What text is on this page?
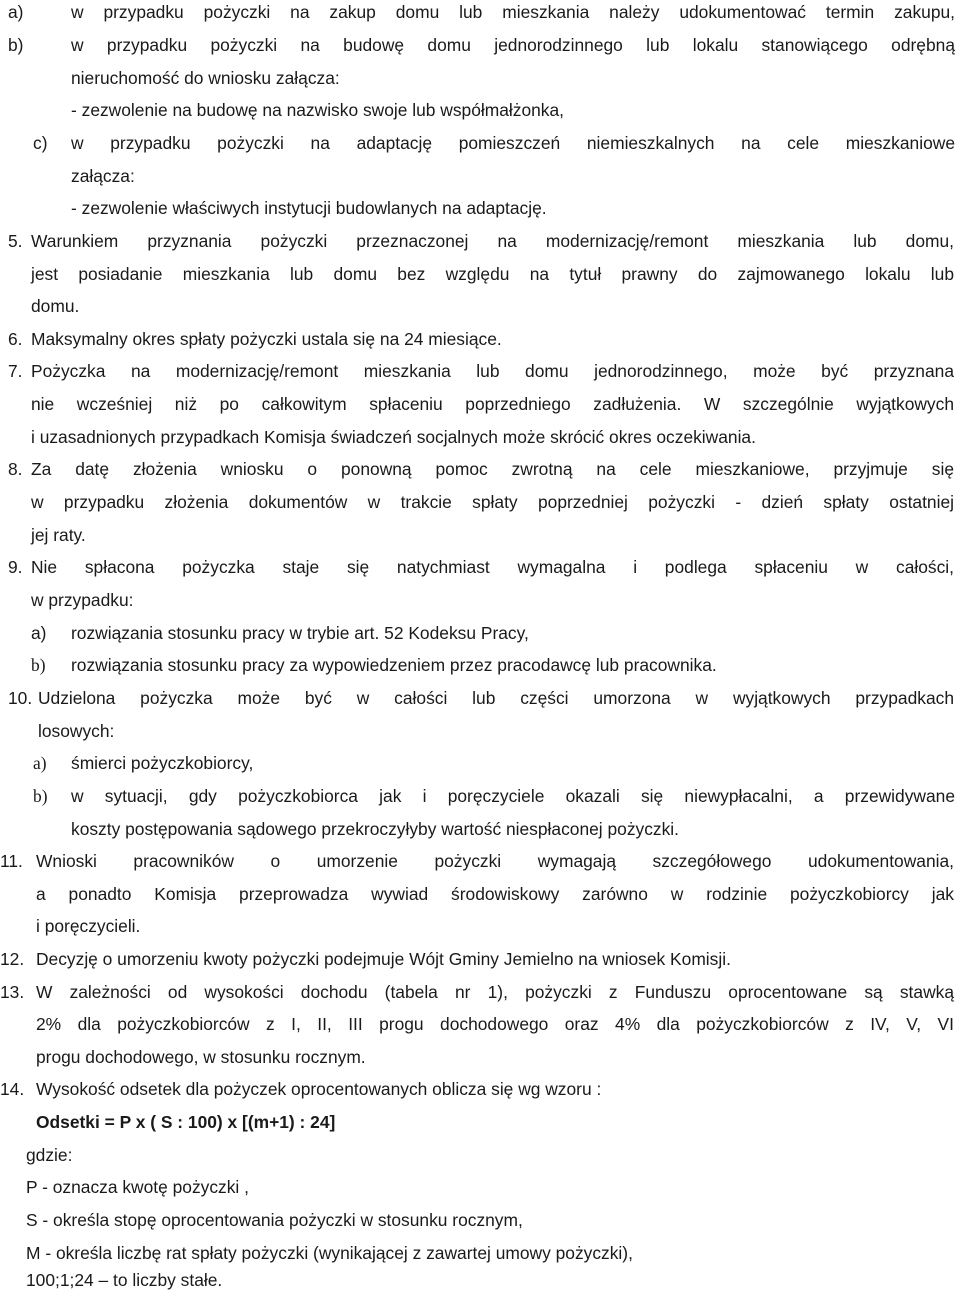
a)	w przypadku pożyczki na zakup domu lub mieszkania należy udokumentować termin zakupu,
b)	w przypadku pożyczki na budowę domu jednorodzinnego lub lokalu stanowiącego odrębną
nieruchomość do wniosku załącza:
- zezwolenie na budowę na nazwisko swoje lub współmałżonka,
c) w przypadku pożyczki na adaptację pomieszczeń niemieszkalnych na cele mieszkaniowe
załącza:
- zezwolenie właściwych instytucji budowlanych na adaptację.
5. Warunkiem przyznania pożyczki przeznaczonej na modernizację/remont mieszkania lub domu,
jest posiadanie mieszkania lub domu bez względu na tytuł prawny do zajmowanego lokalu lub
domu.
6. Maksymalny okres spłaty pożyczki ustala się na 24 miesiące.
7. Pożyczka na modernizację/remont mieszkania lub domu jednorodzinnego, może być przyznana
nie wcześniej niż po całkowitym spłaceniu poprzedniego zadłużenia. W szczególnie wyjątkowych
i uzasadnionych przypadkach Komisja świadczeń socjalnych może skrócić okres oczekiwania.
8. Za datę złożenia wniosku o ponowną pomoc zwrotną na cele mieszkaniowe, przyjmuje się
w przypadku złożenia dokumentów w trakcie spłaty poprzedniej pożyczki - dzień spłaty ostatniej
jej raty.
9. Nie spłacona pożyczka staje się natychmiast wymagalna i podlega spłaceniu w całości,
w przypadku:
a) rozwiązania stosunku pracy w trybie art. 52 Kodeksu Pracy,
b) rozwiązania stosunku pracy za wypowiedzeniem przez pracodawcę lub pracownika.
10. Udzielona pożyczka może być w całości lub części umorzona w wyjątkowych przypadkach
losowych:
a) śmierci pożyczkobiorcy,
b) w sytuacji, gdy pożyczkobiorca jak i poręczyciele okazali się niewypłacalni, a przewidywane
koszty postępowania sądowego przekroczyłyby wartość niespłaconej pożyczki.
11. Wnioski pracowników o umorzenie pożyczki wymagają szczegółowego udokumentowania,
a ponadto Komisja przeprowadza wywiad środowiskowy zarówno w rodzinie pożyczkobiorcy jak
i poręczycieli.
12. Decyzję o umorzeniu kwoty pożyczki podejmuje Wójt Gminy Jemielno na wniosek Komisji.
13. W zależności od wysokości dochodu (tabela nr 1), pożyczki z Funduszu oprocentowane są stawką
2% dla pożyczkobiorców z I, II, III progu dochodowego oraz 4% dla pożyczkobiorców z IV, V, VI
progu dochodowego, w stosunku rocznym.
14. Wysokość odsetek dla pożyczek oprocentowanych oblicza się wg wzoru :
Odsetki = P x ( S : 100) x [(m+1) : 24]
gdzie:
P - oznacza kwotę pożyczki ,
S - określa stopę oprocentowania pożyczki w stosunku rocznym,
M - określa liczbę rat spłaty pożyczki (wynikającej z zawartej umowy pożyczki),
100;1;24 – to liczby stałe.
